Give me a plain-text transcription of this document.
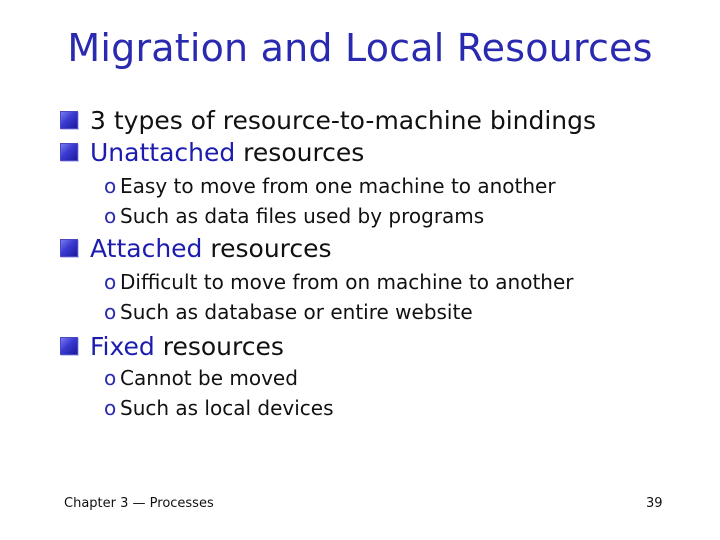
Migration and Local Resources
3 types of resource-to-machine bindings
Unattached resources
o Easy to move from one machine to another
o Such as data files used by programs
Attached resources
o Difficult to move from on machine to another
o Such as database or entire website
Fixed resources
o Cannot be moved
o Such as local devices
Chapter 3 — Processes	39
